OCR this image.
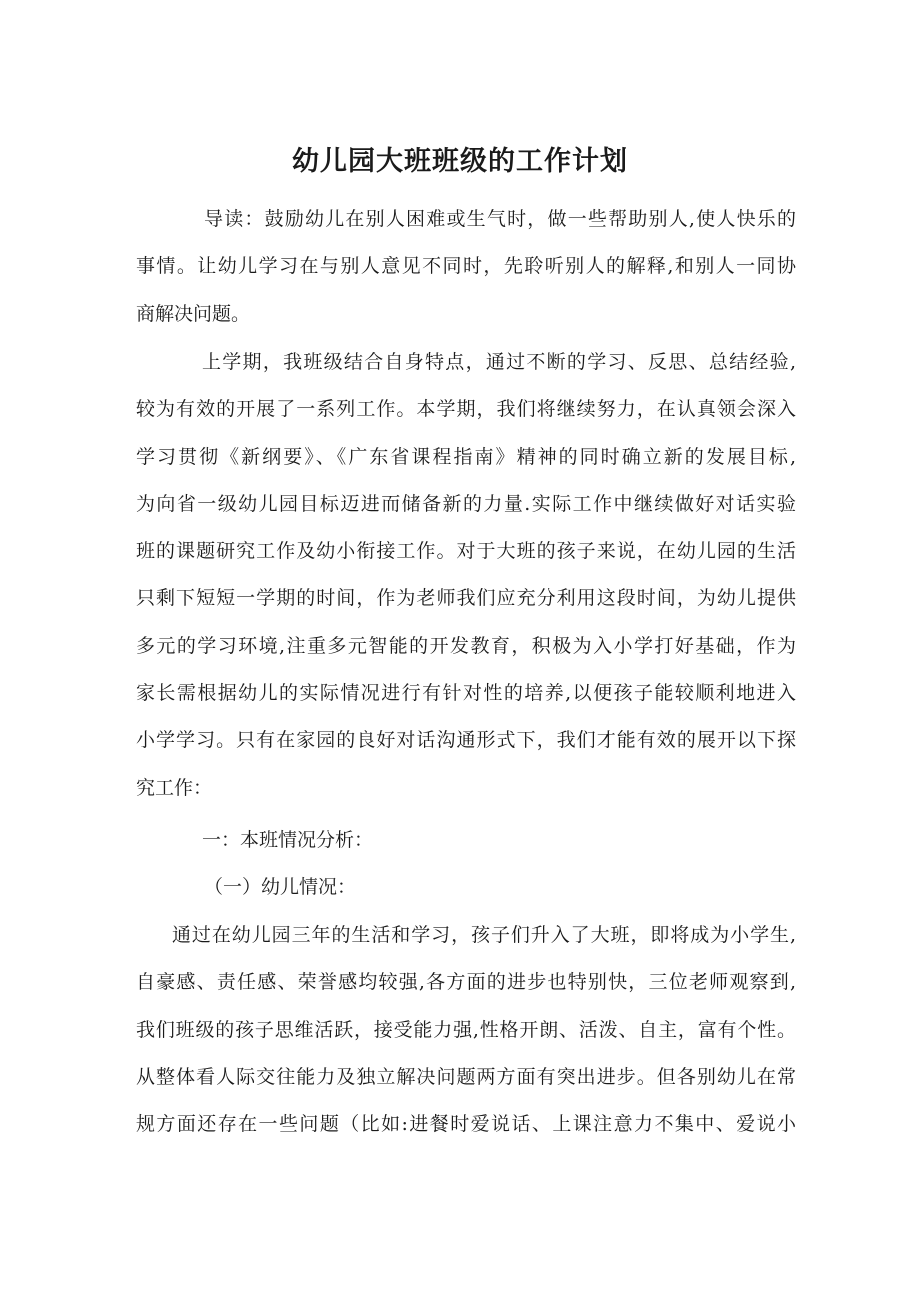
幼儿园大班班级的工作计划
导读：鼓励幼儿在别人困难或生气时，做一些帮助别人,使人快乐的
事情。让幼儿学习在与别人意见不同时，先聆听别人的解释,和别人一同协
商解决问题。
上学期，我班级结合自身特点，通过不断的学习、反思、总结经验,
较为有效的开展了一系列工作。本学期，我们将继续努力，在认真领会深入
学习贯彻《新纲要》、《广东省课程指南》精神的同时确立新的发展目标,
为向省一级幼儿园目标迈进而储备新的力量.实际工作中继续做好对话实验
班的课题研究工作及幼小衔接工作。对于大班的孩子来说，在幼儿园的生活
只剩下短短一学期的时间，作为老师我们应充分利用这段时间，为幼儿提供
多元的学习环境,注重多元智能的开发教育，积极为入小学打好基础，作为
家长需根据幼儿的实际情况进行有针对性的培养,以便孩子能较顺利地进入
小学学习。只有在家园的良好对话沟通形式下，我们才能有效的展开以下探
究工作：
一：本班情况分析：
（一）幼儿情况：
通过在幼儿园三年的生活和学习，孩子们升入了大班，即将成为小学生,
自豪感、责任感、荣誉感均较强,各方面的进步也特别快，三位老师观察到,
我们班级的孩子思维活跃，接受能力强,性格开朗、活泼、自主，富有个性。
从整体看人际交往能力及独立解决问题两方面有突出进步。但各别幼儿在常
规方面还存在一些问题（比如:进餐时爱说话、上课注意力不集中、爱说小
